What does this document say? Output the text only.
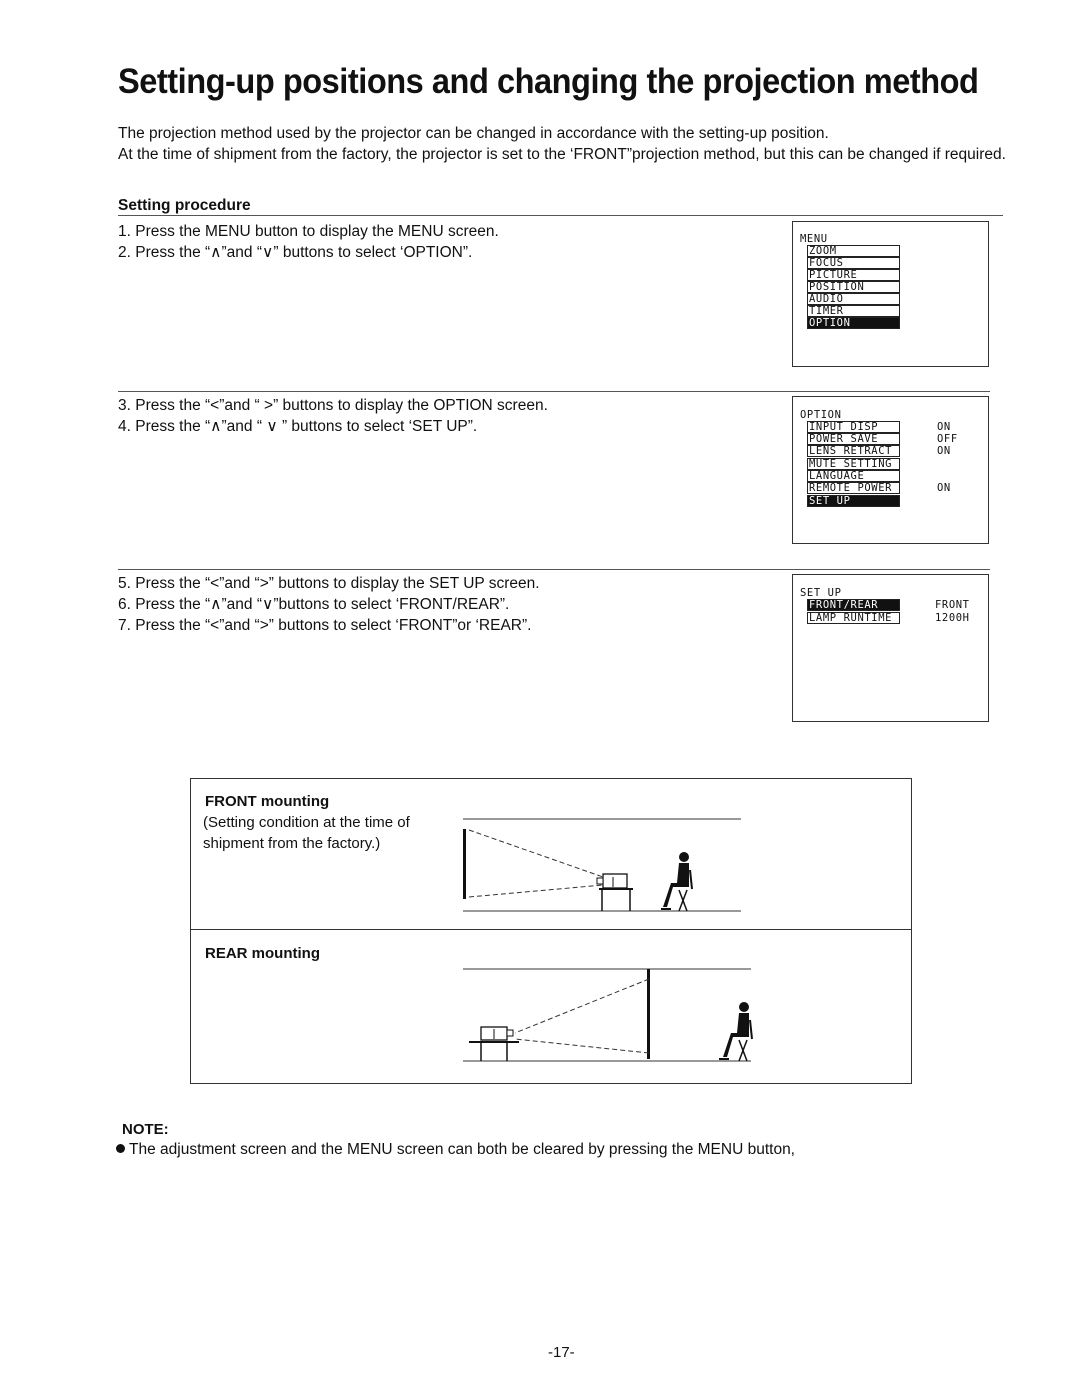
Setting-up positions and changing the projection method

The projection method used by the projector can be changed in accordance with the setting-up position.

At the time of shipment from the factory, the projector is set to the ‘FRONT”projection method, but this can be changed if required.

Setting procedure
1. Press the MENU button to display the MENU screen.
2. Press the “∧”and “∨” buttons to select ‘OPTION”.
MENU
ZOOM
FOCUS
PICTURE
POSITION
AUDIO
TIMER
OPTION
3. Press the “<”and “ >” buttons to display the OPTION screen.
4. Press the “∧”and “ ∨ ” buttons to select ‘SET UP”.
OPTION
INPUT DISP	ON
POWER SAVE	OFF
LENS RETRACT	ON
MUTE SETTING
LANGUAGE
REMOTE POWER	ON
SET UP
5. Press the “<”and “>” buttons to display the SET UP screen.
6. Press the “∧”and “∨”buttons to select ‘FRONT/REAR”.
7. Press the “<”and “>” buttons to select ‘FRONT”or ‘REAR”.
SET UP
FRONT/REAR	FRONT
LAMP RUNTIME	1200H
FRONT mounting
(Setting condition at the time of
shipment from the factory.)
REAR mounting
NOTE:
The adjustment screen and the MENU screen can both be cleared by pressing the MENU button,
-17-
